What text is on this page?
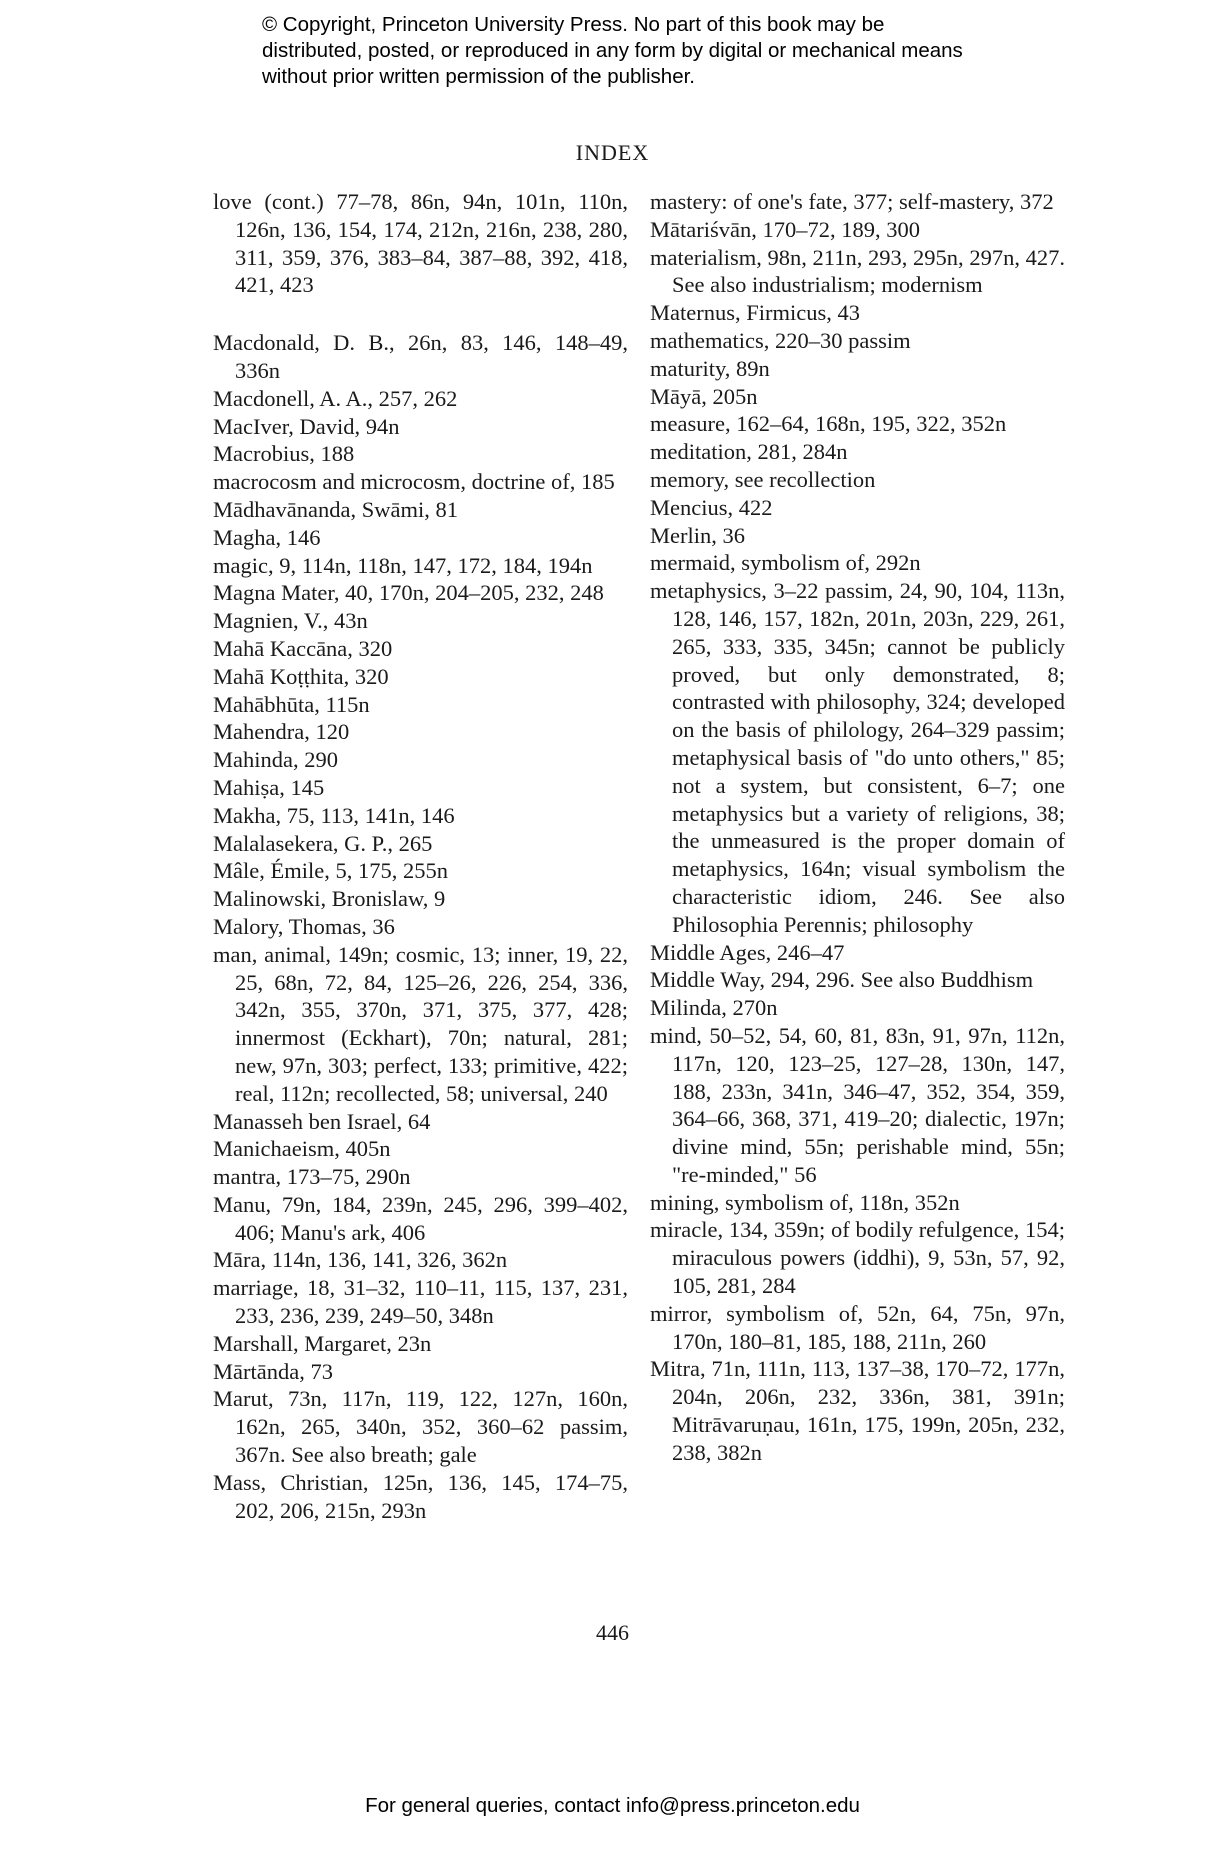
© Copyright, Princeton University Press. No part of this book may be distributed, posted, or reproduced in any form by digital or mechanical means without prior written permission of the publisher.
INDEX
love (cont.) 77–78, 86n, 94n, 101n, 110n, 126n, 136, 154, 174, 212n, 216n, 238, 280, 311, 359, 376, 383–84, 387–88, 392, 418, 421, 423
Macdonald, D. B., 26n, 83, 146, 148–49, 336n
Macdonell, A. A., 257, 262
MacIver, David, 94n
Macrobius, 188
macrocosm and microcosm, doctrine of, 185
Mādhavānanda, Swāmi, 81
Magha, 146
magic, 9, 114n, 118n, 147, 172, 184, 194n
Magna Mater, 40, 170n, 204–205, 232, 248
Magnien, V., 43n
Mahā Kaccāna, 320
Mahā Koṭṭhita, 320
Mahābhūta, 115n
Mahendra, 120
Mahinda, 290
Mahiṣa, 145
Makha, 75, 113, 141n, 146
Malalasekera, G. P., 265
Mâle, Émile, 5, 175, 255n
Malinowski, Bronislaw, 9
Malory, Thomas, 36
man, animal, 149n; cosmic, 13; inner, 19, 22, 25, 68n, 72, 84, 125–26, 226, 254, 336, 342n, 355, 370n, 371, 375, 377, 428; innermost (Eckhart), 70n; natural, 281; new, 97n, 303; perfect, 133; primitive, 422; real, 112n; recollected, 58; universal, 240
Manasseh ben Israel, 64
Manichaeism, 405n
mantra, 173–75, 290n
Manu, 79n, 184, 239n, 245, 296, 399–402, 406; Manu's ark, 406
Māra, 114n, 136, 141, 326, 362n
marriage, 18, 31–32, 110–11, 115, 137, 231, 233, 236, 239, 249–50, 348n
Marshall, Margaret, 23n
Mārtānda, 73
Marut, 73n, 117n, 119, 122, 127n, 160n, 162n, 265, 340n, 352, 360–62 passim, 367n. See also breath; gale
Mass, Christian, 125n, 136, 145, 174–75, 202, 206, 215n, 293n
mastery: of one's fate, 377; self-mastery, 372
Mātariśvān, 170–72, 189, 300
materialism, 98n, 211n, 293, 295n, 297n, 427. See also industrialism; modernism
Maternus, Firmicus, 43
mathematics, 220–30 passim
maturity, 89n
Māyā, 205n
measure, 162–64, 168n, 195, 322, 352n
meditation, 281, 284n
memory, see recollection
Mencius, 422
Merlin, 36
mermaid, symbolism of, 292n
metaphysics, 3–22 passim, 24, 90, 104, 113n, 128, 146, 157, 182n, 201n, 203n, 229, 261, 265, 333, 335, 345n; cannot be publicly proved, but only demonstrated, 8; contrasted with philosophy, 324; developed on the basis of philology, 264–329 passim; metaphysical basis of "do unto others," 85; not a system, but consistent, 6–7; one metaphysics but a variety of religions, 38; the unmeasured is the proper domain of metaphysics, 164n; visual symbolism the characteristic idiom, 246. See also Philosophia Perennis; philosophy
Middle Ages, 246–47
Middle Way, 294, 296. See also Buddhism
Milinda, 270n
mind, 50–52, 54, 60, 81, 83n, 91, 97n, 112n, 117n, 120, 123–25, 127–28, 130n, 147, 188, 233n, 341n, 346–47, 352, 354, 359, 364–66, 368, 371, 419–20; dialectic, 197n; divine mind, 55n; perishable mind, 55n; "re-minded," 56
mining, symbolism of, 118n, 352n
miracle, 134, 359n; of bodily refulgence, 154; miraculous powers (iddhi), 9, 53n, 57, 92, 105, 281, 284
mirror, symbolism of, 52n, 64, 75n, 97n, 170n, 180–81, 185, 188, 211n, 260
Mitra, 71n, 111n, 113, 137–38, 170–72, 177n, 204n, 206n, 232, 336n, 381, 391n; Mitrāvaruṇau, 161n, 175, 199n, 205n, 232, 238, 382n
446
For general queries, contact info@press.princeton.edu
